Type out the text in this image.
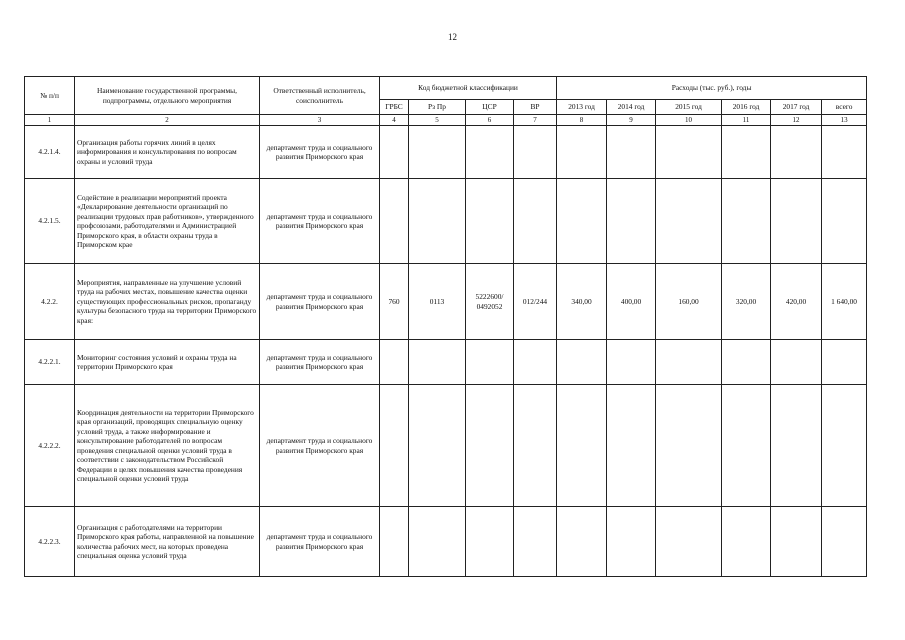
12
№ п/п	Наименование государственной программы, подпрограммы, отдельного мероприятия	Ответственный исполнитель, соисполнитель	Код бюджетной классификации				Расходы (тыс. руб.), годы					
			ГРБС	Рз Пр	ЦСР	ВР	2013 год	2014 год	2015 год	2016 год	2017 год	всего
1	2	3	4	5	6	7	8	9	10	11	12	13
4.2.1.4.	Организация работы горячих линий в целях информирования и консультирования по вопросам охраны и условий труда	департамент труда и социального развития Приморского края										
4.2.1.5.	Содействие в реализации мероприятий проекта «Декларирование деятельности организаций по реализации трудовых прав работников», утвержденного профсоюзами, работодателями и Администрацией Приморского края, в области охраны труда в Приморском крае	департамент труда и социального развития Приморского края										
4.2.2.	Мероприятия, направленные на улучшение условий труда на рабочих местах, повышение качества оценки существующих профессиональных рисков, пропаганду культуры безопасного труда на территории Приморского края:	департамент труда и социального развития Приморского края	760	0113	5222600/ 0492052	012/244	340,00	400,00	160,00	320,00	420,00	1 640,00
4.2.2.1.	Мониторинг состояния условий и охраны труда на территории Приморского края	департамент труда и социального развития Приморского края										
4.2.2.2.	Координация деятельности на территории Приморского края организаций, проводящих специальную оценку условий труда, а также информирование и консультирование работодателей по вопросам проведения специальной оценки условий труда в соответствии с законодательством Российской Федерации в целях повышения качества проведения специальной оценки условий труда	департамент труда и социального развития Приморского края										
4.2.2.3.	Организация с работодателями на территории Приморского края работы, направленной на повышение количества рабочих мест, на которых проведена специальная оценка условий труда	департамент труда и социального развития Приморского края										
